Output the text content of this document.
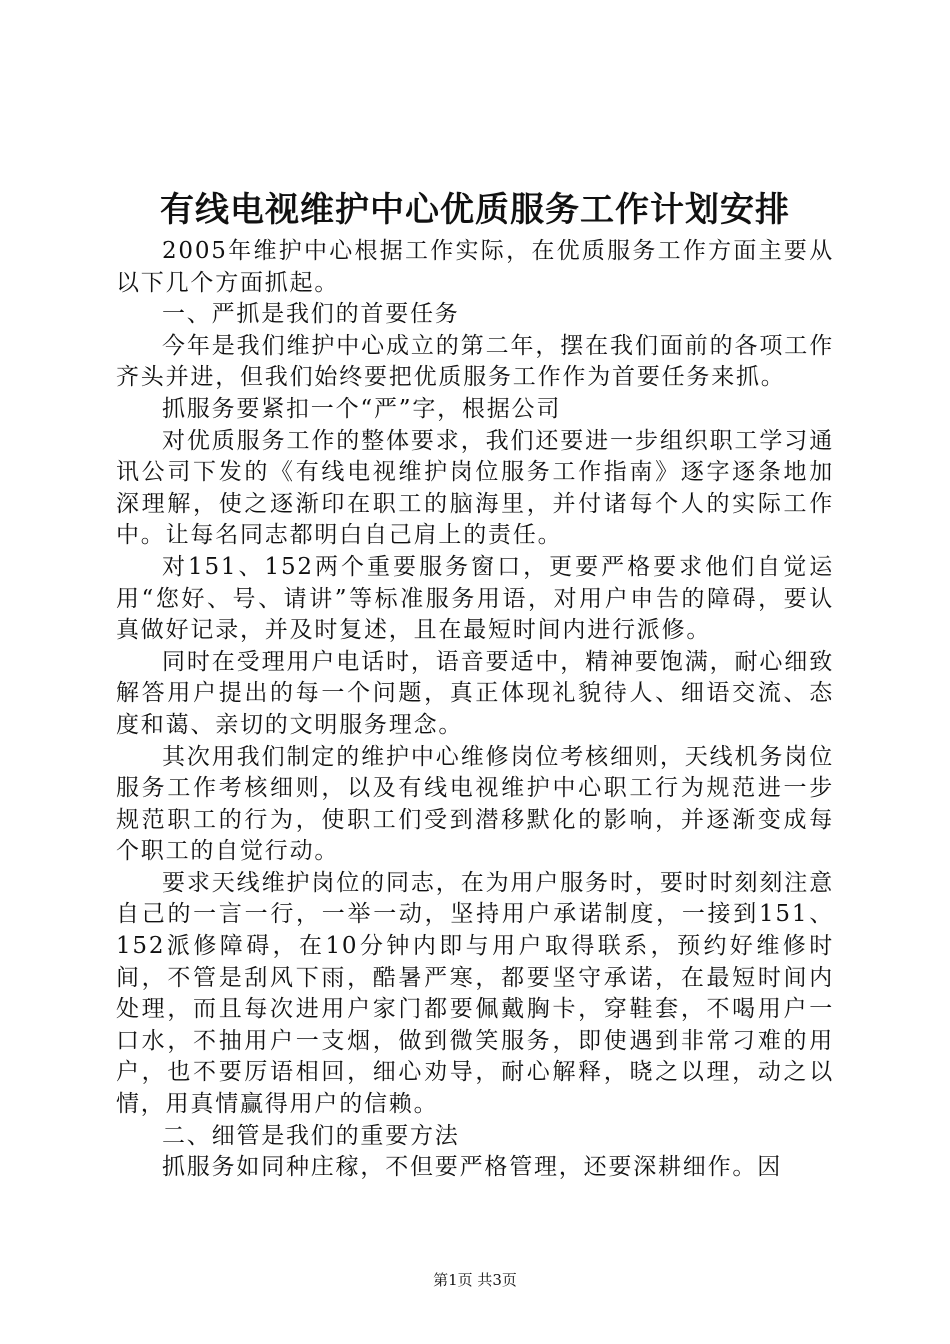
有线电视维护中心优质服务工作计划安排

2005年维护中心根据工作实际，在优质服务工作方面主要从以下几个方面抓起。

一、严抓是我们的首要任务

今年是我们维护中心成立的第二年，摆在我们面前的各项工作齐头并进，但我们始终要把优质服务工作作为首要任务来抓。

抓服务要紧扣一个“严”字，根据公司

对优质服务工作的整体要求，我们还要进一步组织职工学习通讯公司下发的《有线电视维护岗位服务工作指南》逐字逐条地加深理解，使之逐渐印在职工的脑海里，并付诸每个人的实际工作中。让每名同志都明白自己肩上的责任。

对151、152两个重要服务窗口，更要严格要求他们自觉运用“您好、号、请讲”等标准服务用语，对用户申告的障碍，要认真做好记录，并及时复述，且在最短时间内进行派修。

同时在受理用户电话时，语音要适中，精神要饱满，耐心细致解答用户提出的每一个问题，真正体现礼貌待人、细语交流、态度和蔼、亲切的文明服务理念。

其次用我们制定的维护中心维修岗位考核细则，天线机务岗位服务工作考核细则，以及有线电视维护中心职工行为规范进一步规范职工的行为，使职工们受到潜移默化的影响，并逐渐变成每个职工的自觉行动。

要求天线维护岗位的同志，在为用户服务时，要时时刻刻注意自己的一言一行，一举一动，坚持用户承诺制度，一接到151、152派修障碍，在10分钟内即与用户取得联系，预约好维修时间，不管是刮风下雨，酷暑严寒，都要坚守承诺，在最短时间内处理，而且每次进用户家门都要佩戴胸卡，穿鞋套，不喝用户一口水，不抽用户一支烟，做到微笑服务，即使遇到非常刁难的用户，也不要厉语相回，细心劝导，耐心解释，晓之以理，动之以情，用真情赢得用户的信赖。

二、细管是我们的重要方法

抓服务如同种庄稼，不但要严格管理，还要深耕细作。因

第1页 共3页
